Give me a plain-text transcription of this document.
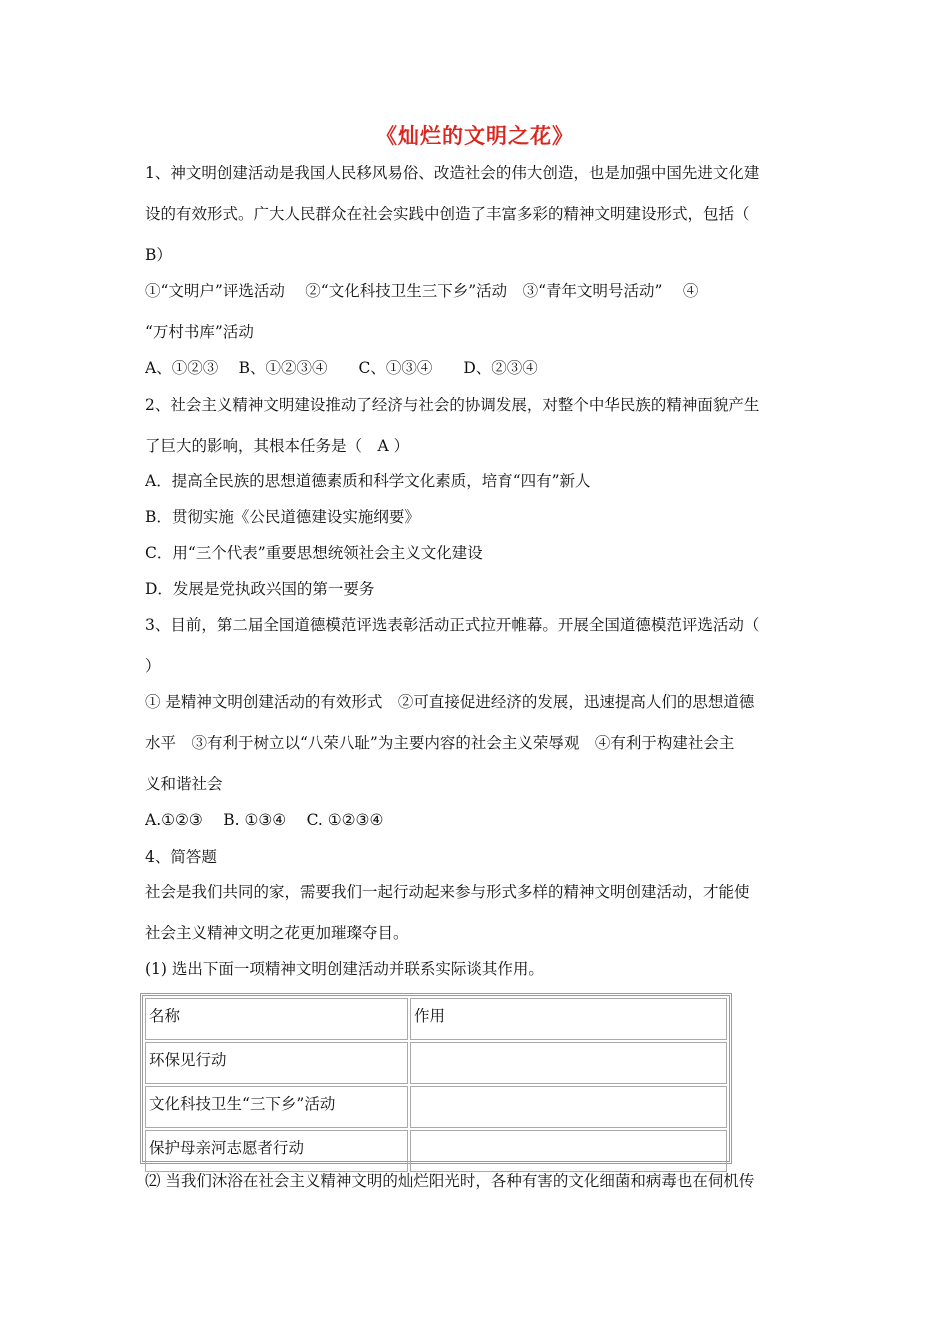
《灿烂的文明之花》
1、神文明创建活动是我国人民移风易俗、改造社会的伟大创造，也是加强中国先进文化建
设的有效形式。广大人民群众在社会实践中创造了丰富多彩的精神文明建设形式，包括（
B）
①“文明户”评选活动　 ②“文化科技卫生三下乡”活动　③“青年文明号活动”　 ④
“万村书库”活动
A、①②③　 B、①②③④　　C、①③④　　D、②③④
2、社会主义精神文明建设推动了经济与社会的协调发展，对整个中华民族的精神面貌产生
了巨大的影响，其根本任务是（　A ）
A．提高全民族的思想道德素质和科学文化素质，培育“四有”新人
B．贯彻实施《公民道德建设实施纲要》
C．用“三个代表”重要思想统领社会主义文化建设
D．发展是党执政兴国的第一要务
3、目前，第二届全国道德模范评选表彰活动正式拉开帷幕。开展全国道德模范评选活动（
）
① 是精神文明创建活动的有效形式　②可直接促进经济的发展，迅速提高人们的思想道德
水平　③有利于树立以“八荣八耻”为主要内容的社会主义荣辱观　④有利于构建社会主
义和谐社会
A.①②③　 B. ①③④　 C. ①②③④
4、简答题
社会是我们共同的家，需要我们一起行动起来参与形式多样的精神文明创建活动，才能使
社会主义精神文明之花更加璀璨夺目。
(1) 选出下面一项精神文明创建活动并联系实际谈其作用。
名称	作用
环保见行动	
文化科技卫生“三下乡”活动	
保护母亲河志愿者行动	
⑵ 当我们沐浴在社会主义精神文明的灿烂阳光时，各种有害的文化细菌和病毒也在伺机传
